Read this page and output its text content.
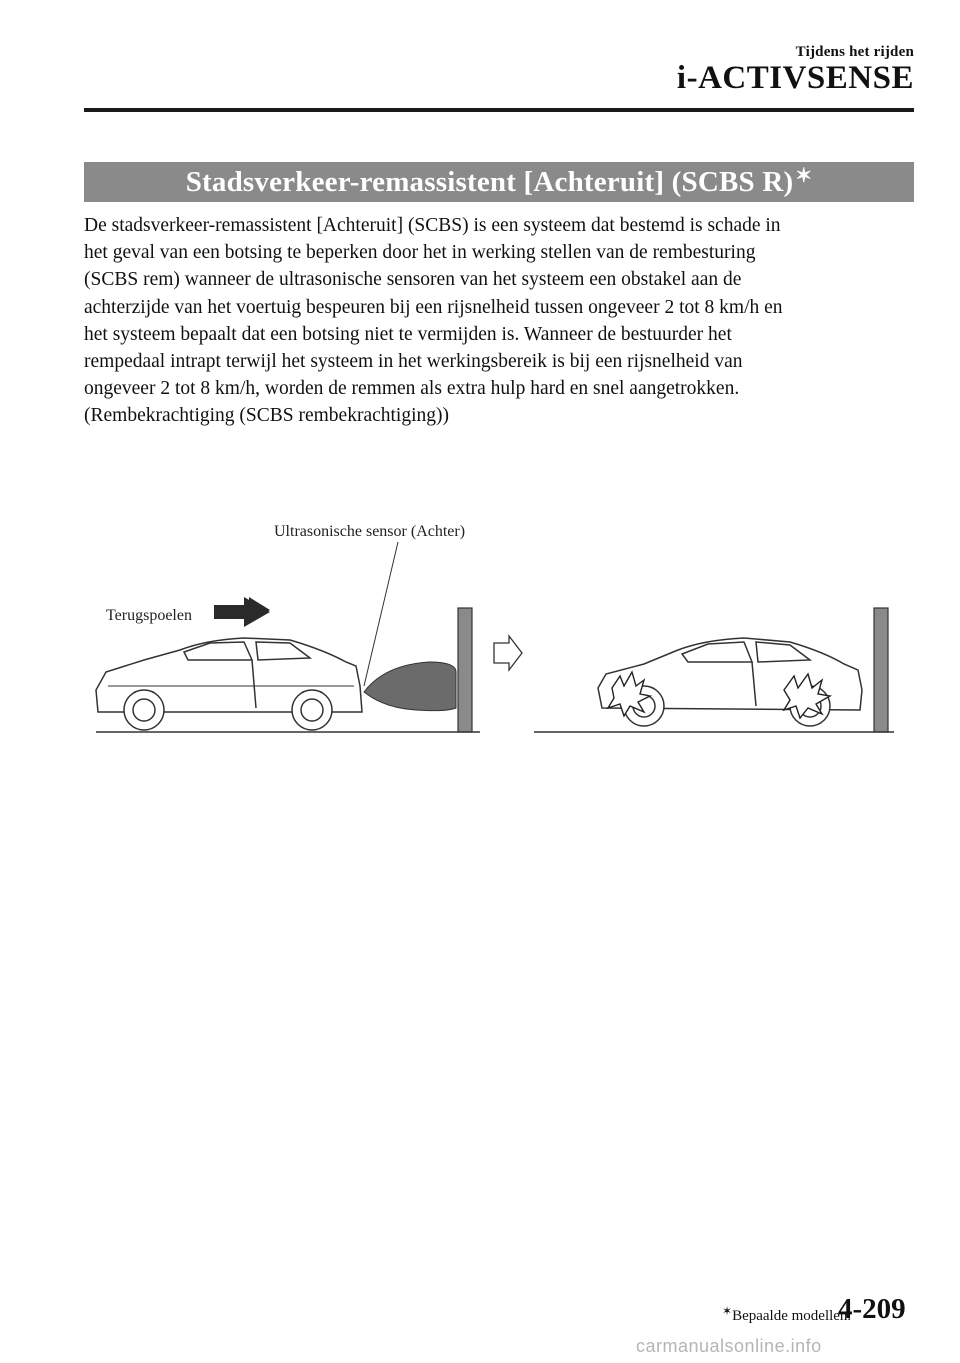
Tijdens het rijden
i-ACTIVSENSE
Stadsverkeer-remassistent [Achteruit] (SCBS R) ✶
De stadsverkeer-remassistent [Achteruit] (SCBS) is een systeem dat bestemd is schade in
het geval van een botsing te beperken door het in werking stellen van de rembesturing
(SCBS rem) wanneer de ultrasonische sensoren van het systeem een obstakel aan de
achterzijde van het voertuig bespeuren bij een rijsnelheid tussen ongeveer 2 tot 8 km/h en
het systeem bepaalt dat een botsing niet te vermijden is. Wanneer de bestuurder het
rempedaal intrapt terwijl het systeem in het werkingsbereik is bij een rijsnelheid van
ongeveer 2 tot 8 km/h, worden de remmen als extra hulp hard en snel aangetrokken.
(Rembekrachtiging (SCBS rembekrachtiging))
Ultrasonische sensor (Achter)
Terugspoelen
✶Bepaalde modellen.
4-209
carmanualsonline.info
